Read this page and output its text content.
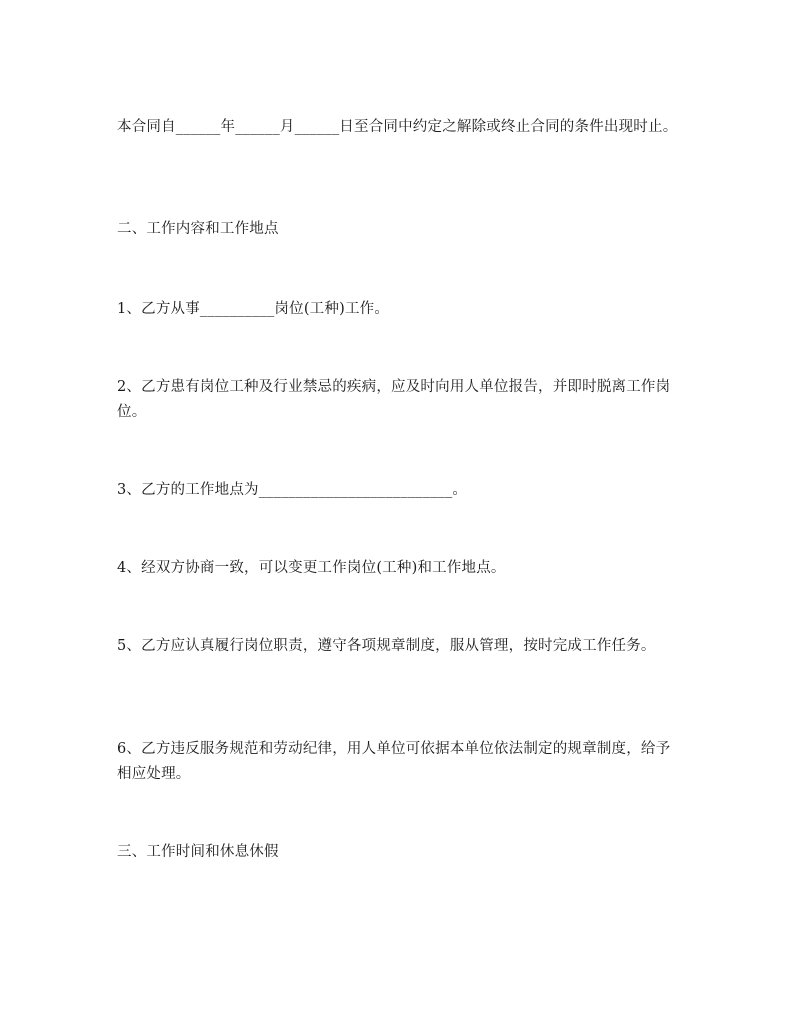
本合同自______年______月______日至合同中约定之解除或终止合同的条件出现时止。

二、工作内容和工作地点

1、乙方从事__________岗位(工种)工作。

2、乙方患有岗位工种及行业禁忌的疾病，应及时向用人单位报告，并即时脱离工作岗位。

3、乙方的工作地点为__________________________。

4、经双方协商一致，可以变更工作岗位(工种)和工作地点。

5、乙方应认真履行岗位职责，遵守各项规章制度，服从管理，按时完成工作任务。

6、乙方违反服务规范和劳动纪律，用人单位可依据本单位依法制定的规章制度，给予相应处理。

三、工作时间和休息休假
